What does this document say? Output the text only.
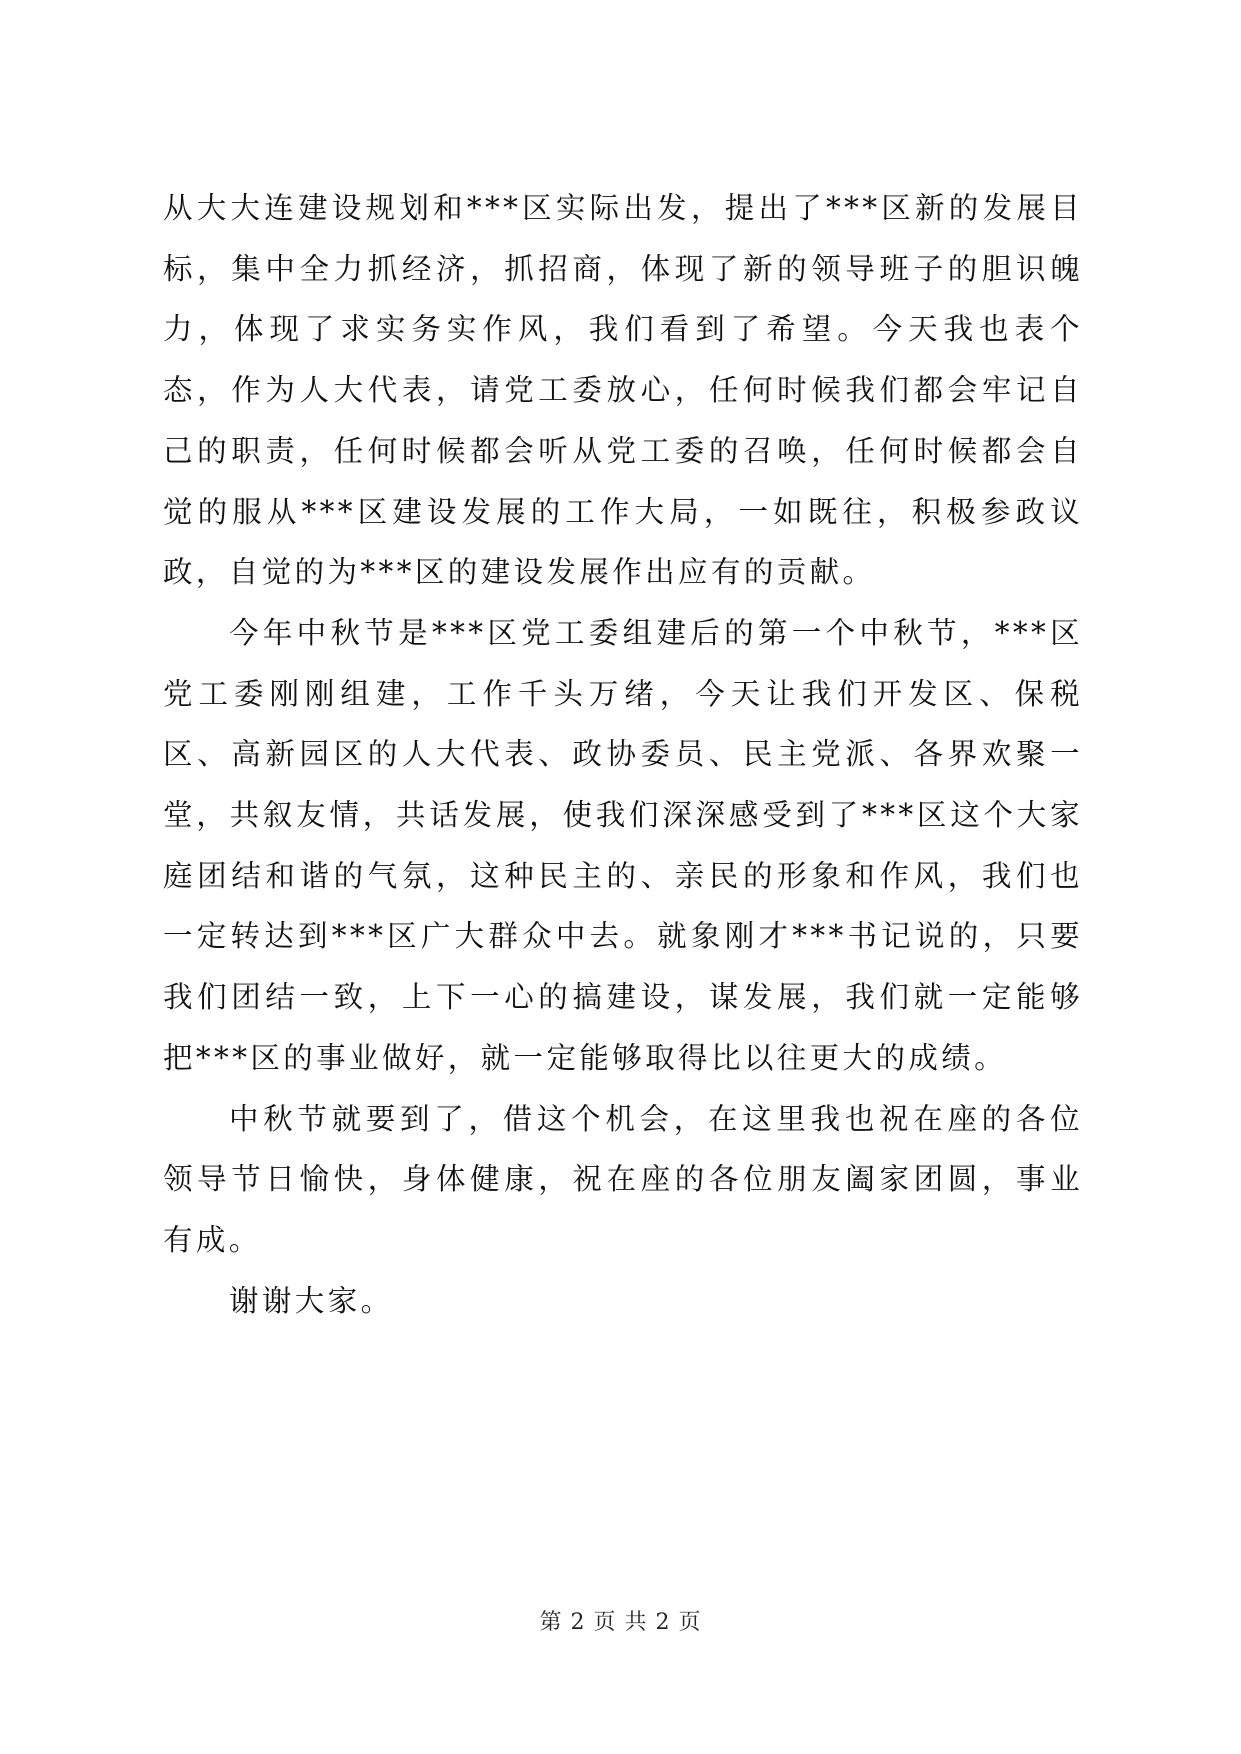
从大大连建设规划和***区实际出发，提出了***区新的发展目标，集中全力抓经济，抓招商，体现了新的领导班子的胆识魄力，体现了求实务实作风，我们看到了希望。今天我也表个态，作为人大代表，请党工委放心，任何时候我们都会牢记自己的职责，任何时候都会听从党工委的召唤，任何时候都会自觉的服从***区建设发展的工作大局，一如既往，积极参政议政，自觉的为***区的建设发展作出应有的贡献。

今年中秋节是***区党工委组建后的第一个中秋节，***区党工委刚刚组建，工作千头万绪，今天让我们开发区、保税区、高新园区的人大代表、政协委员、民主党派、各界欢聚一堂，共叙友情，共话发展，使我们深深感受到了***区这个大家庭团结和谐的气氛，这种民主的、亲民的形象和作风，我们也一定转达到***区广大群众中去。就象刚才***书记说的，只要我们团结一致，上下一心的搞建设，谋发展，我们就一定能够把***区的事业做好，就一定能够取得比以往更大的成绩。

中秋节就要到了，借这个机会，在这里我也祝在座的各位领导节日愉快，身体健康，祝在座的各位朋友阖家团圆，事业有成。

谢谢大家。

第 2 页 共 2 页
